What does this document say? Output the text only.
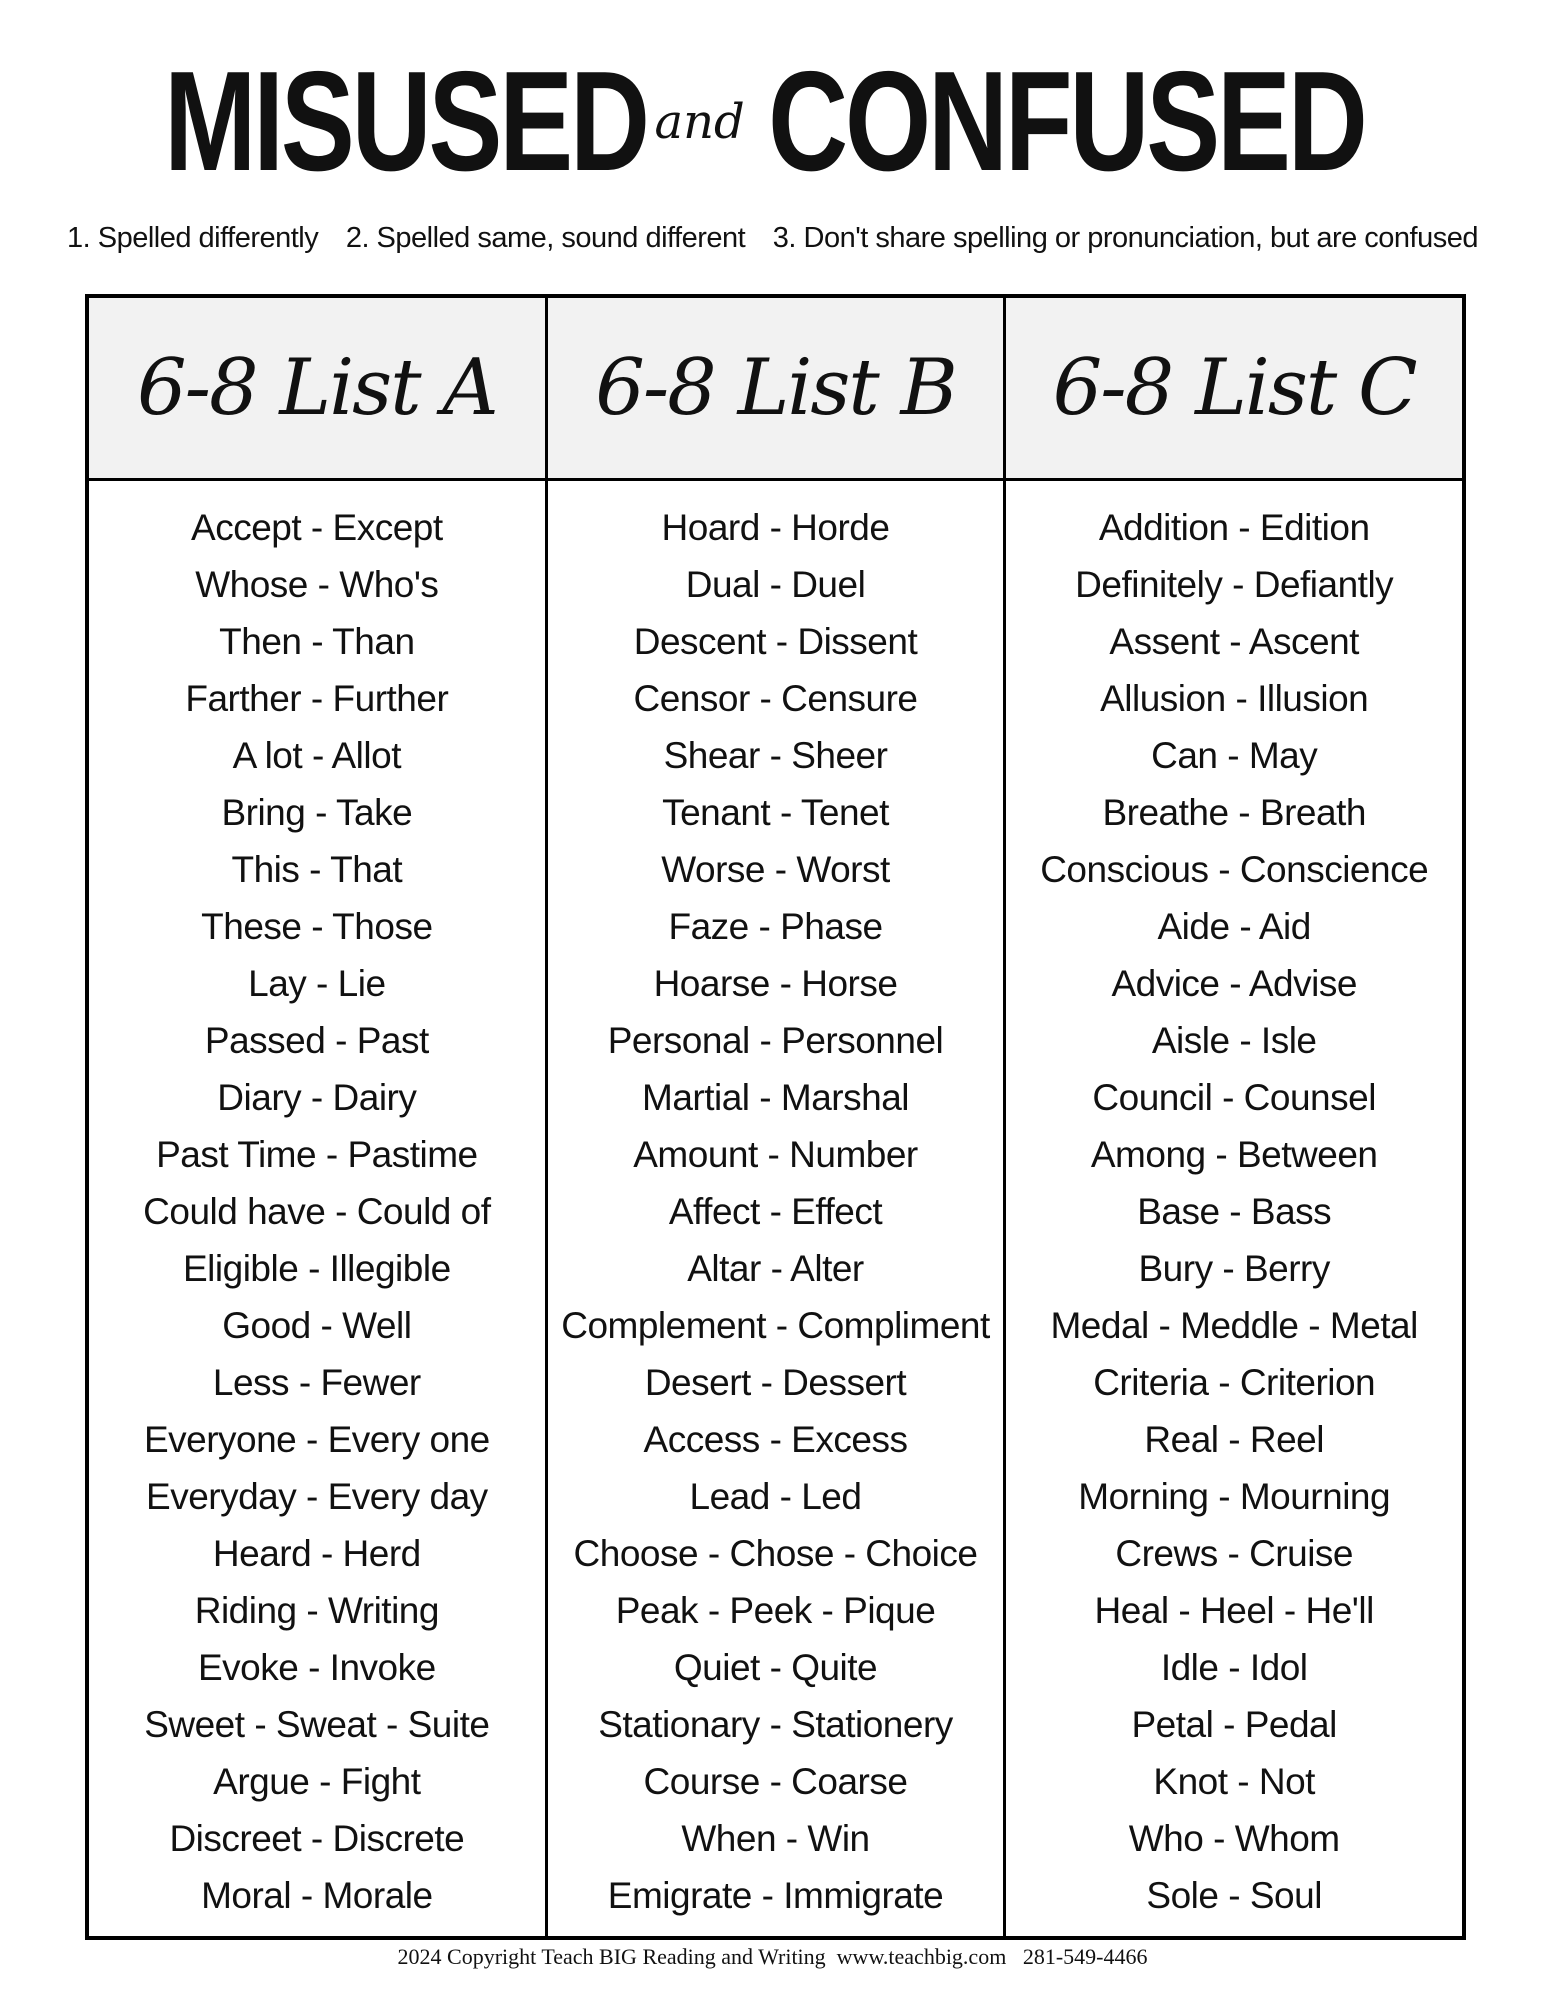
MISUSED and CONFUSED
1. Spelled differently 2. Spelled same, sound different 3. Don't share spelling or pronunciation, but are confused
6-8 List A
Accept - Except
Whose - Who's
Then - Than
Farther - Further
A lot - Allot
Bring - Take
This - That
These - Those
Lay - Lie
Passed - Past
Diary - Dairy
Past Time - Pastime
Could have - Could of
Eligible - Illegible
Good - Well
Less - Fewer
Everyone - Every one
Everyday - Every day
Heard - Herd
Riding - Writing
Evoke - Invoke
Sweet - Sweat - Suite
Argue - Fight
Discreet - Discrete
Moral - Morale
6-8 List B
Hoard - Horde
Dual - Duel
Descent - Dissent
Censor - Censure
Shear - Sheer
Tenant - Tenet
Worse - Worst
Faze - Phase
Hoarse - Horse
Personal - Personnel
Martial - Marshal
Amount - Number
Affect - Effect
Altar - Alter
Complement - Compliment
Desert - Dessert
Access - Excess
Lead - Led
Choose - Chose - Choice
Peak - Peek - Pique
Quiet - Quite
Stationary - Stationery
Course - Coarse
When - Win
Emigrate - Immigrate
6-8 List C
Addition - Edition
Definitely - Defiantly
Assent - Ascent
Allusion - Illusion
Can - May
Breathe - Breath
Conscious - Conscience
Aide - Aid
Advice - Advise
Aisle - Isle
Council - Counsel
Among - Between
Base - Bass
Bury - Berry
Medal - Meddle - Metal
Criteria - Criterion
Real - Reel
Morning - Mourning
Crews - Cruise
Heal - Heel - He'll
Idle - Idol
Petal - Pedal
Knot - Not
Who - Whom
Sole - Soul
2024 Copyright Teach BIG Reading and Writing www.teachbig.com 281-549-4466
